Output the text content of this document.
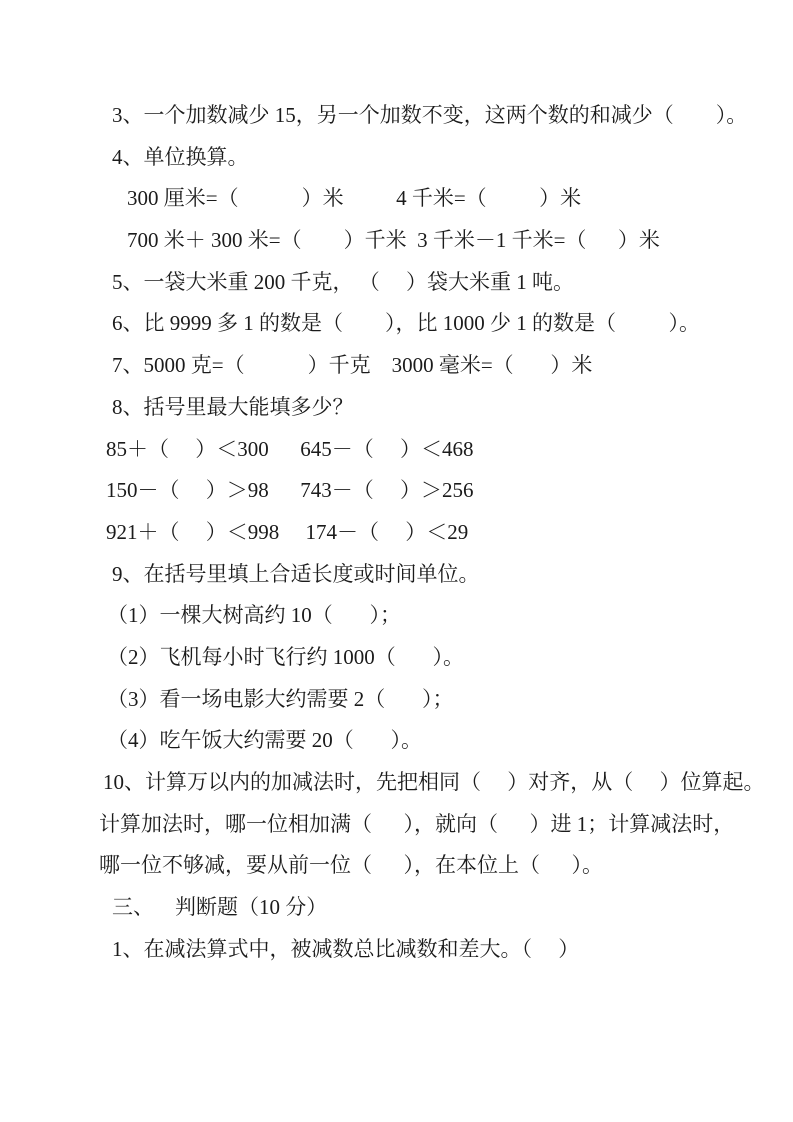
3、一个加数减少 15，另一个加数不变，这两个数的和减少（        ）。
4、单位换算。
300 厘米=（            ）米          4 千米=（          ）米
700 米＋ 300 米=（        ）千米  3 千米－1 千米=（      ）米
5、一袋大米重 200 千克， （     ）袋大米重 1 吨。
6、比 9999 多 1 的数是（        ），比 1000 少 1 的数是（          ）。
7、5000 克=（            ）千克    3000 毫米=（       ）米
8、括号里最大能填多少？
85＋（     ）＜300      645－（     ）＜468
150－（     ）＞98      743－（     ）＞256
921＋（     ）＜998     174－（     ）＜29
9、在括号里填上合适长度或时间单位。
（1）一棵大树高约 10（       ）；
（2）飞机每小时飞行约 1000（       ）。
（3）看一场电影大约需要 2（       ）；
（4）吃午饭大约需要 20（       ）。
10、计算万以内的加减法时，先把相同（     ）对齐，从（     ）位算起。
计算加法时，哪一位相加满（      ），就向（      ）进 1；计算减法时，
哪一位不够减，要从前一位（      ），在本位上（      ）。
三、    判断题（10 分）
1、在减法算式中，被减数总比减数和差大。（     ）
